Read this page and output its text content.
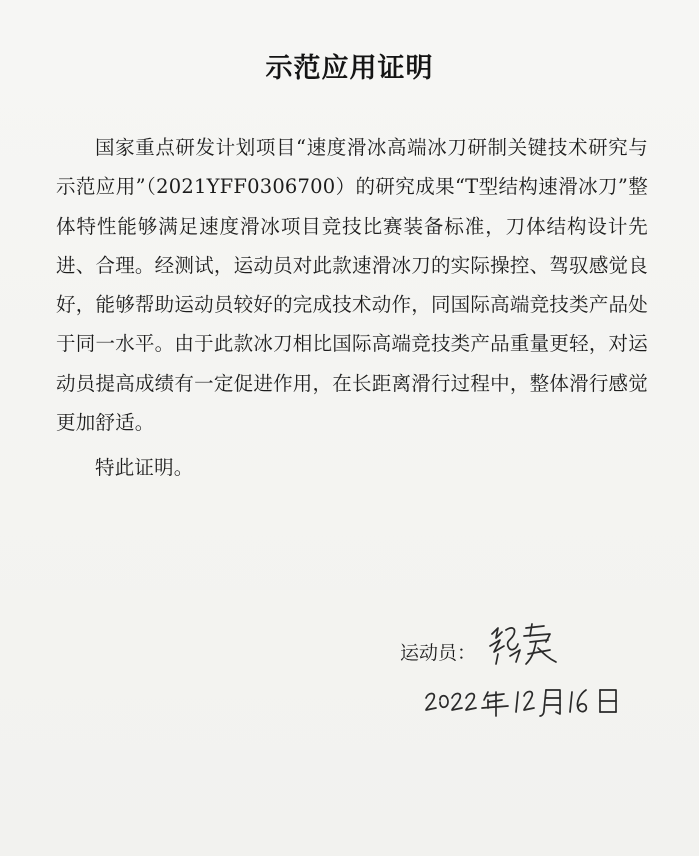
示范应用证明

国家重点研发计划项目“速度滑冰高端冰刀研制关键技术研究与示范应用”（2021YFF0306700）的研究成果“T型结构速滑冰刀”整体特性能够满足速度滑冰项目竞技比赛装备标准，刀体结构设计先进、合理。经测试，运动员对此款速滑冰刀的实际操控、驾驭感觉良好，能够帮助运动员较好的完成技术动作，同国际高端竞技类产品处于同一水平。由于此款冰刀相比国际高端竞技类产品重量更轻，对运动员提高成绩有一定促进作用，在长距离滑行过程中，整体滑行感觉更加舒适。

特此证明。

运动员：
